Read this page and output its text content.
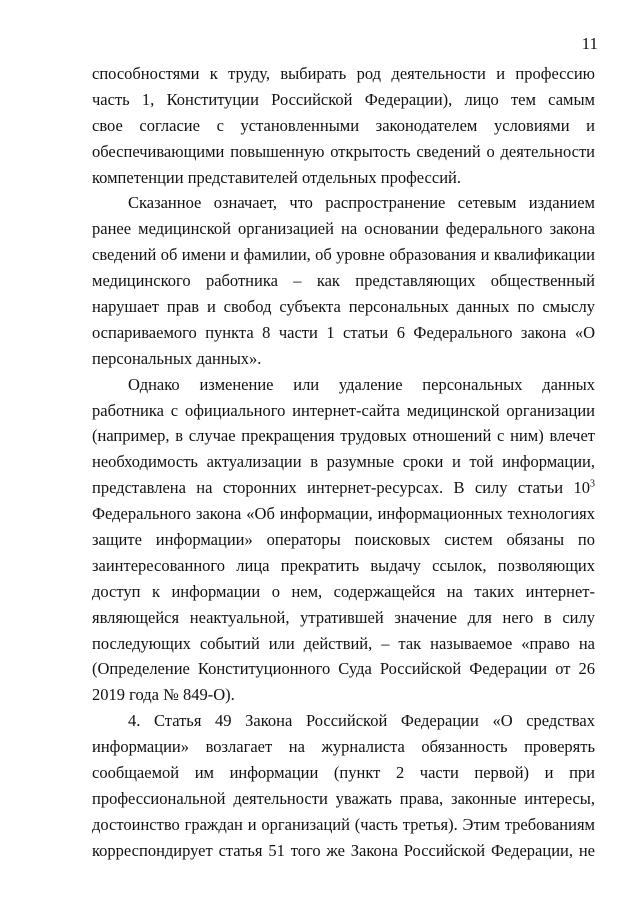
11
способностями к труду, выбирать род деятельности и профессию
часть 1, Конституции Российской Федерации), лицо тем самым
свое согласие с установленными законодателем условиями и
обеспечивающими повышенную открытость сведений о деятельности
компетенции представителей отдельных профессий.
Сказанное означает, что распространение сетевым изданием
ранее медицинской организацией на основании федерального закона
сведений об имени и фамилии, об уровне образования и квалификации
медицинского работника – как представляющих общественный
нарушает прав и свобод субъекта персональных данных по смыслу
оспариваемого пункта 8 части 1 статьи 6 Федерального закона «О
персональных данных».
Однако изменение или удаление персональных данных
работника с официального интернет-сайта медицинской организации
(например, в случае прекращения трудовых отношений с ним) влечет
необходимость актуализации в разумные сроки и той информации,
представлена на сторонних интернет-ресурсах. В силу статьи $10^3$
Федерального закона «Об информации, информационных технологиях
защите информации» операторы поисковых систем обязаны по
заинтересованного лица прекратить выдачу ссылок, позволяющих
доступ к информации о нем, содержащейся на таких интернет-
являющейся неактуальной, утратившей значение для него в силу
последующих событий или действий, – так называемое «право на
(Определение Конституционного Суда Российской Федерации от 26
2019 года № 849-О).
4. Статья 49 Закона Российской Федерации «О средствах
информации» возлагает на журналиста обязанность проверять
сообщаемой им информации (пункт 2 части первой) и при
профессиональной деятельности уважать права, законные интересы,
достоинство граждан и организаций (часть третья). Этим требованиям
корреспондирует статья 51 того же Закона Российской Федерации, не
